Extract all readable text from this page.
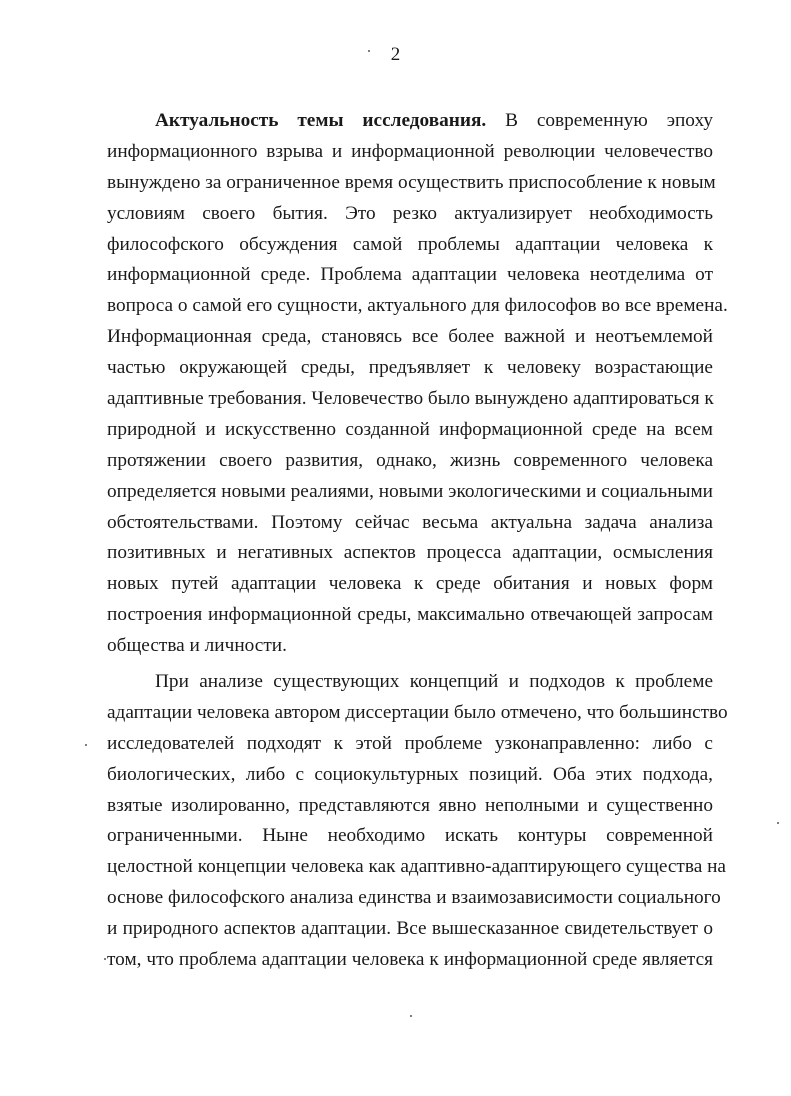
2
Актуальность темы исследования. В современную эпоху
информационного взрыва и информационной революции человечество
вынуждено за ограниченное время осуществить приспособление к новым
условиям своего бытия. Это резко актуализирует необходимость
философского обсуждения самой проблемы адаптации человека к
информационной среде. Проблема адаптации человека неотделима от
вопроса о самой его сущности, актуального для философов во все времена.
Информационная среда, становясь все более важной и неотъемлемой
частью окружающей среды, предъявляет к человеку возрастающие
адаптивные требования. Человечество было вынуждено адаптироваться к
природной и искусственно созданной информационной среде на всем
протяжении своего развития, однако, жизнь современного человека
определяется новыми реалиями, новыми экологическими и социальными
обстоятельствами. Поэтому сейчас весьма актуальна задача анализа
позитивных и негативных аспектов процесса адаптации, осмысления
новых путей адаптации человека к среде обитания и новых форм
построения информационной среды, максимально отвечающей запросам
общества и личности.
При анализе существующих концепций и подходов к проблеме
адаптации человека автором диссертации было отмечено, что большинство
исследователей подходят к этой проблеме узконаправленно: либо с
биологических, либо с социокультурных позиций. Оба этих подхода,
взятые изолированно, представляются явно неполными и существенно
ограниченными. Ныне необходимо искать контуры современной
целостной концепции человека как адаптивно-адаптирующего существа на
основе философского анализа единства и взаимозависимости социального
и природного аспектов адаптации. Все вышесказанное свидетельствует о
том, что проблема адаптации человека к информационной среде является
